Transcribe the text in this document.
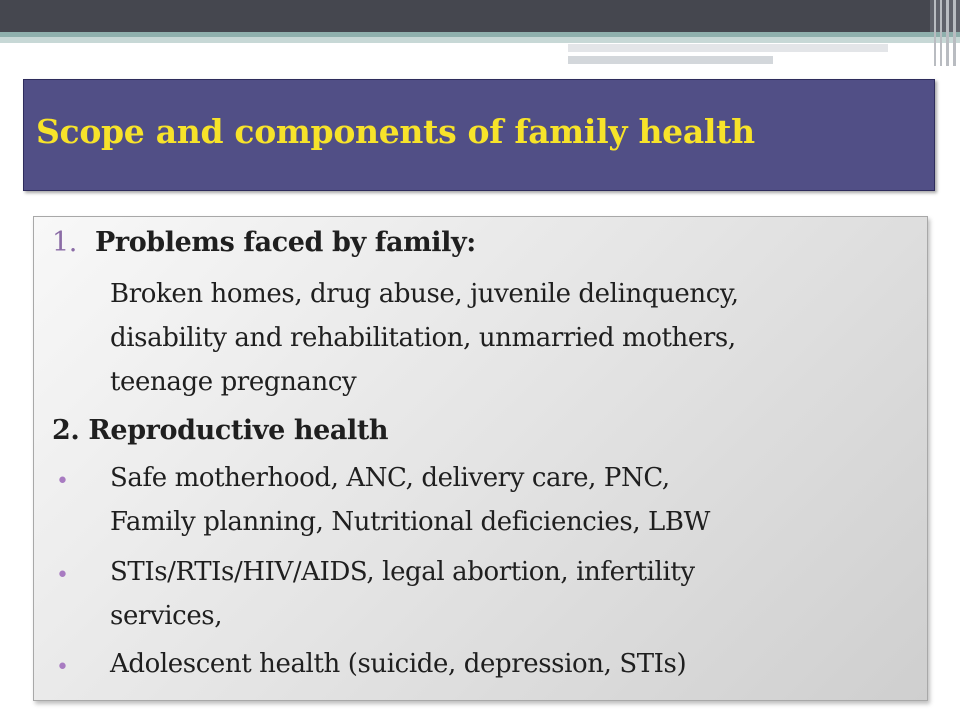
Scope and components of family health
1. Problems faced by family:
Broken homes, drug abuse, juvenile delinquency,
disability and rehabilitation, unmarried mothers,
teenage pregnancy
2. Reproductive health
• Safe motherhood, ANC, delivery care, PNC,
Family planning, Nutritional deficiencies, LBW
• STIs/RTIs/HIV/AIDS, legal abortion, infertility
services,
• Adolescent health (suicide, depression, STIs)
